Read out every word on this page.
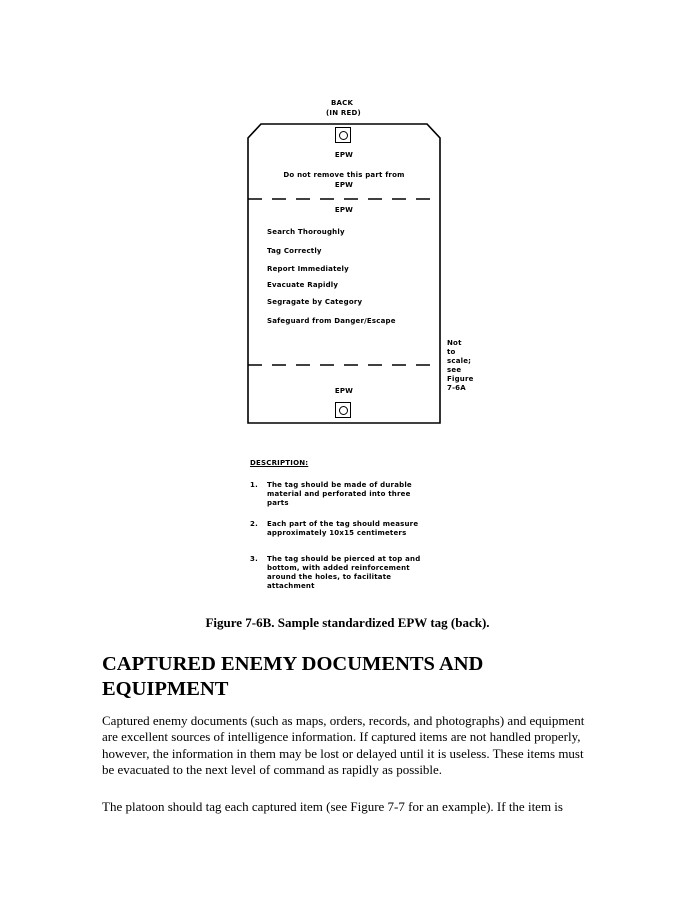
BACK
(IN RED)
EPW
Do not remove this part from
EPW
EPW
Search Thoroughly
Tag Correctly
Report Immediately
Evacuate Rapidly
Segragate by Category
Safeguard from Danger/Escape
EPW
Not
to
scale;
see
Figure
7-6A
DESCRIPTION:
1. The tag should be made of durable
material and perforated into three
parts
2. Each part of the tag should measure
approximately 10x15 centimeters
3. The tag should be pierced at top and
bottom, with added reinforcement
around the holes, to facilitate
attachment
Figure 7-6B. Sample standardized EPW tag (back).
CAPTURED ENEMY DOCUMENTS AND
EQUIPMENT
Captured enemy documents (such as maps, orders, records, and photographs) and equipment are excellent sources of intelligence information. If captured items are not handled properly, however, the information in them may be lost or delayed until it is useless. These items must be evacuated to the next level of command as rapidly as possible.
The platoon should tag each captured item (see Figure 7-7 for an example). If the item is
